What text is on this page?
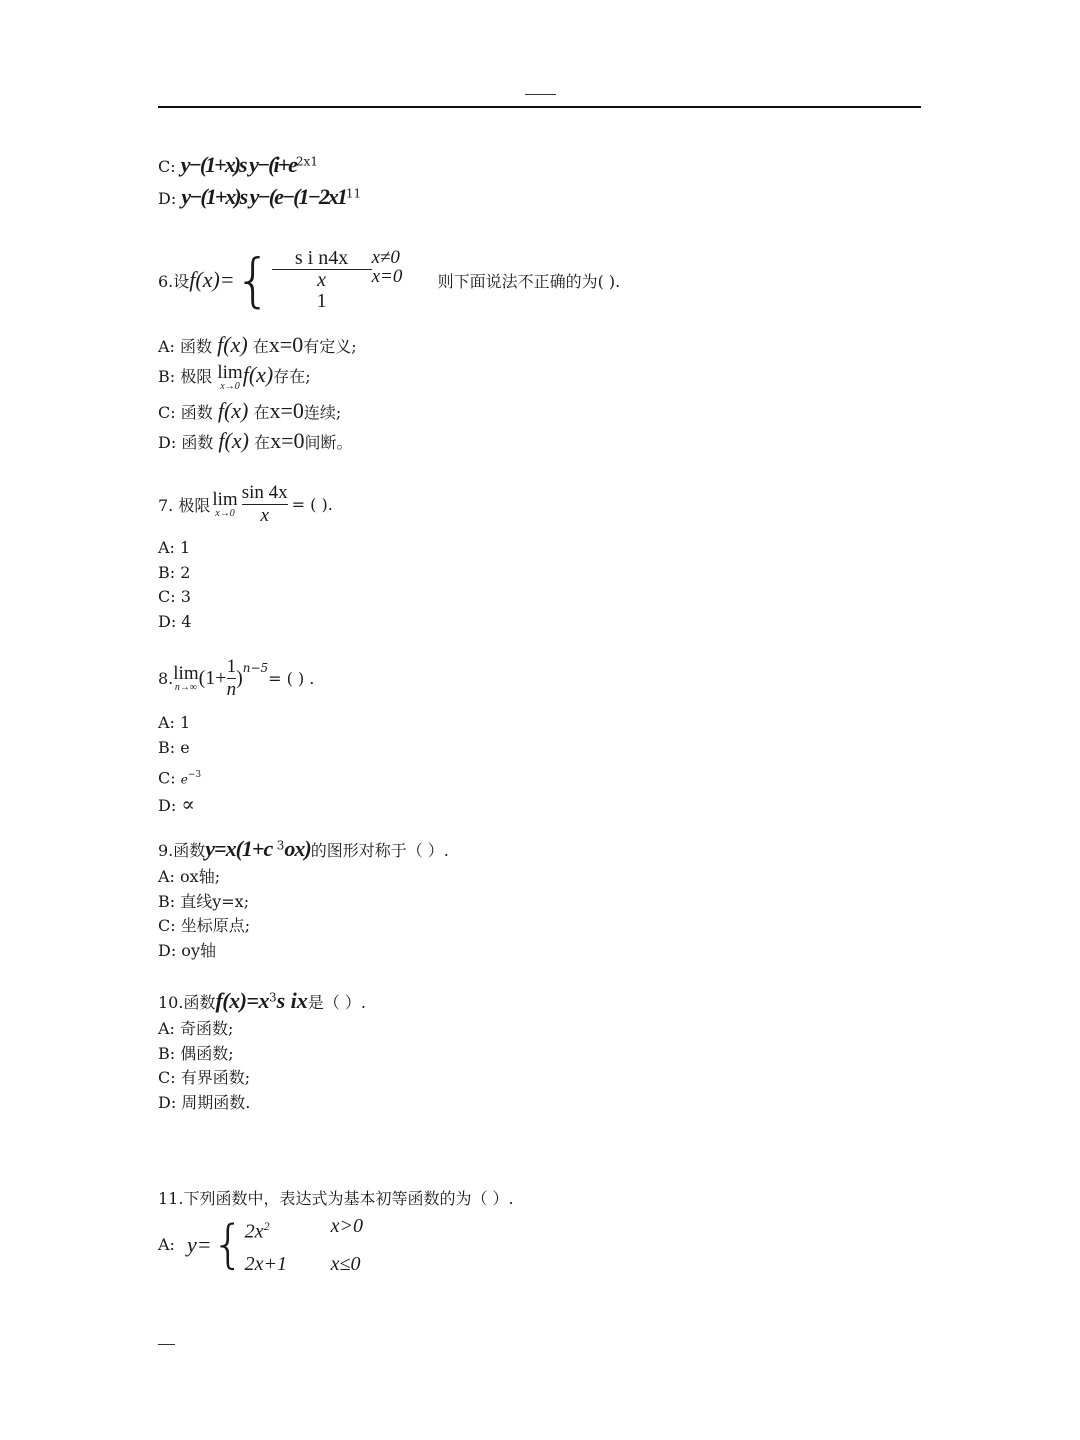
C: y−(1+x)s $y-(i+e^{2x1}$
D: y−(1+x)s $y-(e-(1-2x1^{11}$
6.设 f(x)= {	s i n4x	x≠0
x
1
x=0	则下面说法不正确的为( ).
A: 函数 f(x) 在x=0有定义;
B: 极限 lim
x→0 f(x)存在;
C: 函数 f(x) 在x=0连续;
D: 函数 f(x) 在x=0间断。
7. 极限 lim
$x\to 0 \frac{\sin 4x}{x}$ = ( ).
A: 1
B: 2
C: 3
D: 4
8. lim
n→∞ ($1+ \frac{1}{n}$ ) n−5
= ( ) .
A: 1
B: e
C: $e^{-3}$
D: ∝
9.函数y=x(1+c $^3$ox)的图形对称于（ ）.
A: ox轴;
B: 直线y=x;
C: 坐标原点;
D: oy轴
10.函数$f(x)=x^3s$ ix是（ ）.
A: 奇函数;
B: 偶函数;
C: 有界函数;
D: 周期函数.
11.下列函数中，表达式为基本初等函数的为（ ）.
A: y= { $2x^2$	x>0
2x+1	x≤0
